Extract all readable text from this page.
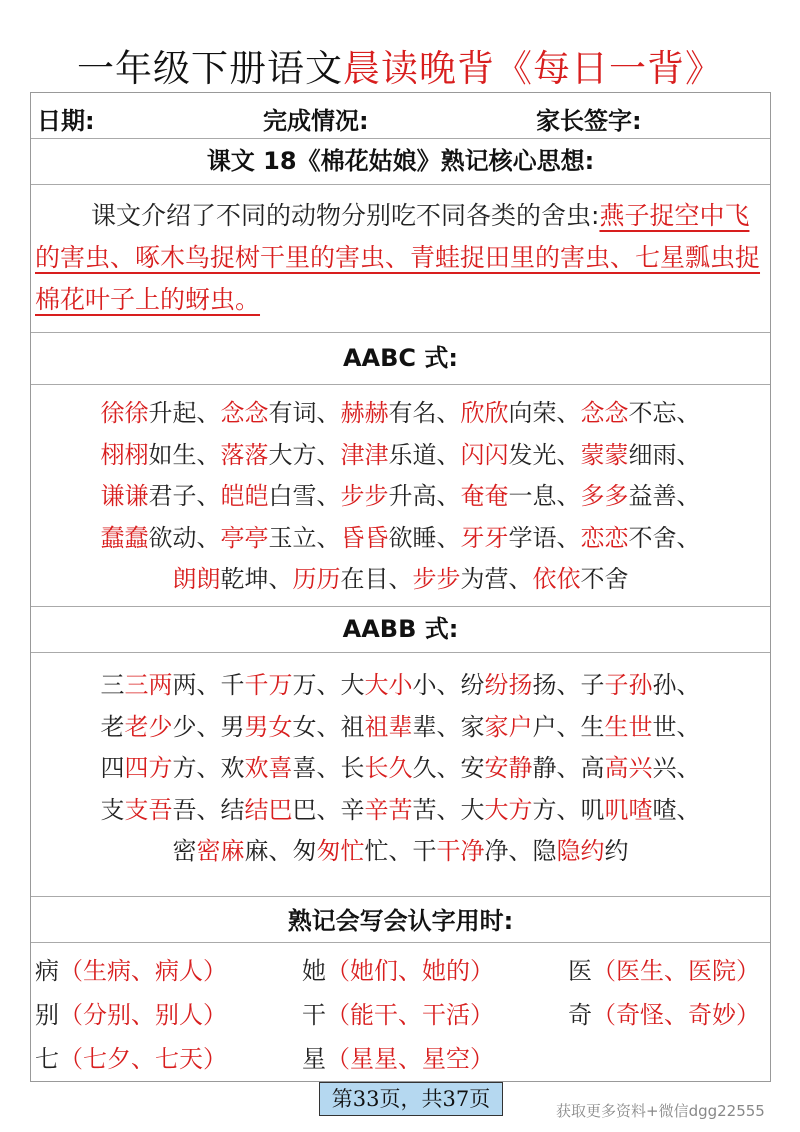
一年级下册语文晨读晚背《每日一背》
日期:	完成情况:	家长签字:
课文 18《棉花姑娘》熟记核心思想:
课文介绍了不同的动物分别吃不同各类的舍虫:燕子捉空中飞的害虫、啄木鸟捉树干里的害虫、青蛙捉田里的害虫、七星瓢虫捉棉花叶子上的蚜虫。
AABC 式:
徐徐升起、念念有词、赫赫有名、欣欣向荣、念念不忘、
栩栩如生、落落大方、津津乐道、闪闪发光、蒙蒙细雨、
谦谦君子、皑皑白雪、步步升高、奄奄一息、多多益善、
蠢蠢欲动、亭亭玉立、昏昏欲睡、牙牙学语、恋恋不舍、
朗朗乾坤、历历在目、步步为营、依依不舍
AABB 式:
三三两两、千千万万、大大小小、纷纷扬扬、子子孙孙、
老老少少、男男女女、祖祖辈辈、家家户户、生生世世、
四四方方、欢欢喜喜、长长久久、安安静静、高高兴兴、
支支吾吾、结结巴巴、辛辛苦苦、大大方方、叽叽喳喳、
密密麻麻、匆匆忙忙、干干净净、隐隐约约
熟记会写会认字用时:
病（生病、病人）	她（她们、她的）	医（医生、医院）
别（分别、别人）	干（能干、干活）	奇（奇怪、奇妙）
七（七夕、七天）	星（星星、星空）
第33页，共37页	获取更多资料+微信dgg22555
